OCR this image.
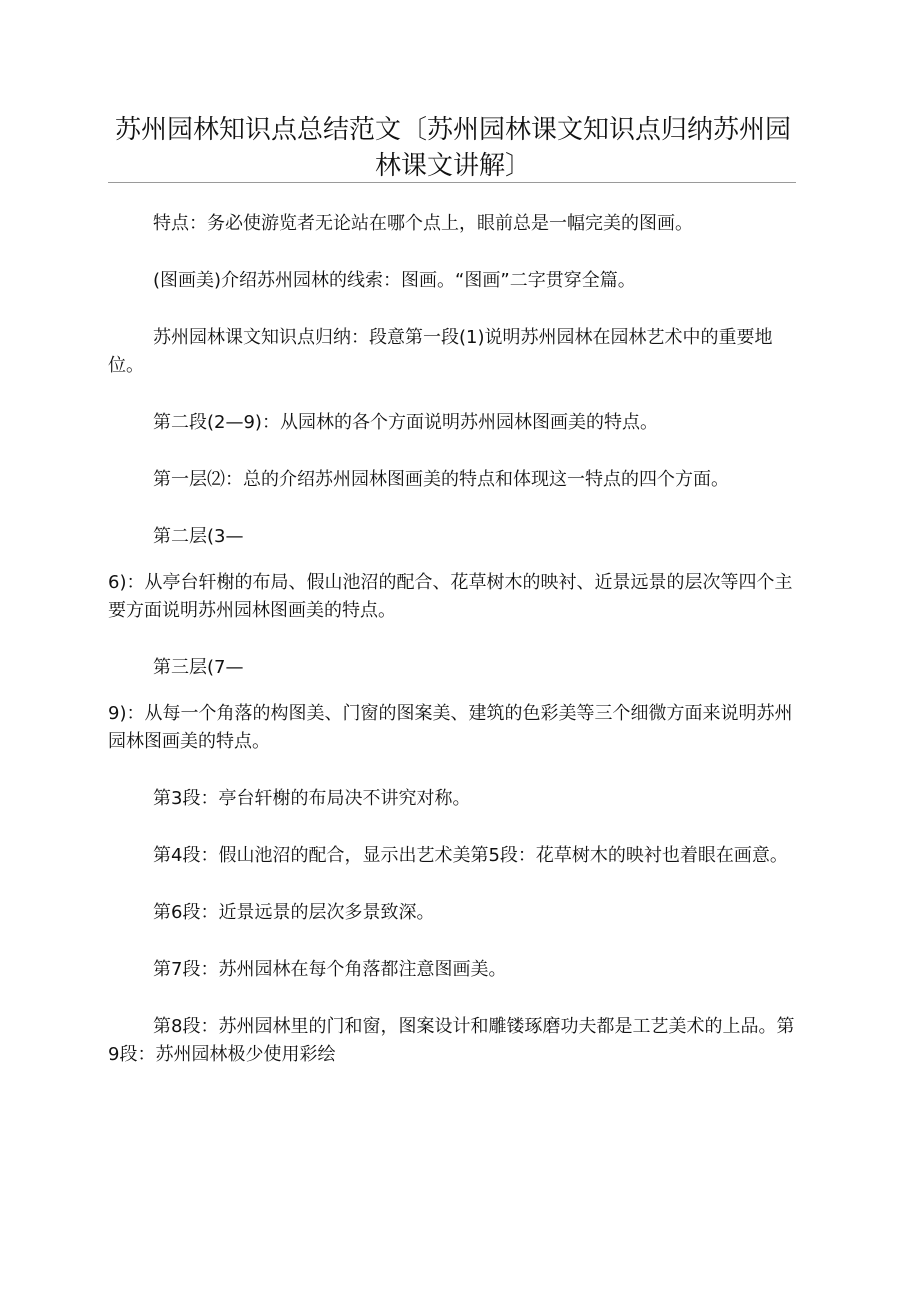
苏州园林知识点总结范文〔苏州园林课文知识点归纳苏州园林课文讲解〕

特点：务必使游览者无论站在哪个点上，眼前总是一幅完美的图画。

(图画美)介绍苏州园林的线索：图画。“图画”二字贯穿全篇。

苏州园林课文知识点归纳：段意第一段(1)说明苏州园林在园林艺术中的重要地位。

第二段(2—9)：从园林的各个方面说明苏州园林图画美的特点。

第一层⑵：总的介绍苏州园林图画美的特点和体现这一特点的四个方面。

第二层(3—

6)：从亭台轩榭的布局、假山池沼的配合、花草树木的映衬、近景远景的层次等四个主要方面说明苏州园林图画美的特点。

第三层(7—

9)：从每一个角落的构图美、门窗的图案美、建筑的色彩美等三个细微方面来说明苏州园林图画美的特点。

第3段：亭台轩榭的布局决不讲究对称。

第4段：假山池沼的配合，显示出艺术美第5段：花草树木的映衬也着眼在画意。

第6段：近景远景的层次多景致深。

第7段：苏州园林在每个角落都注意图画美。

第8段：苏州园林里的门和窗，图案设计和雕镂琢磨功夫都是工艺美术的上品。第9段：苏州园林极少使用彩绘
